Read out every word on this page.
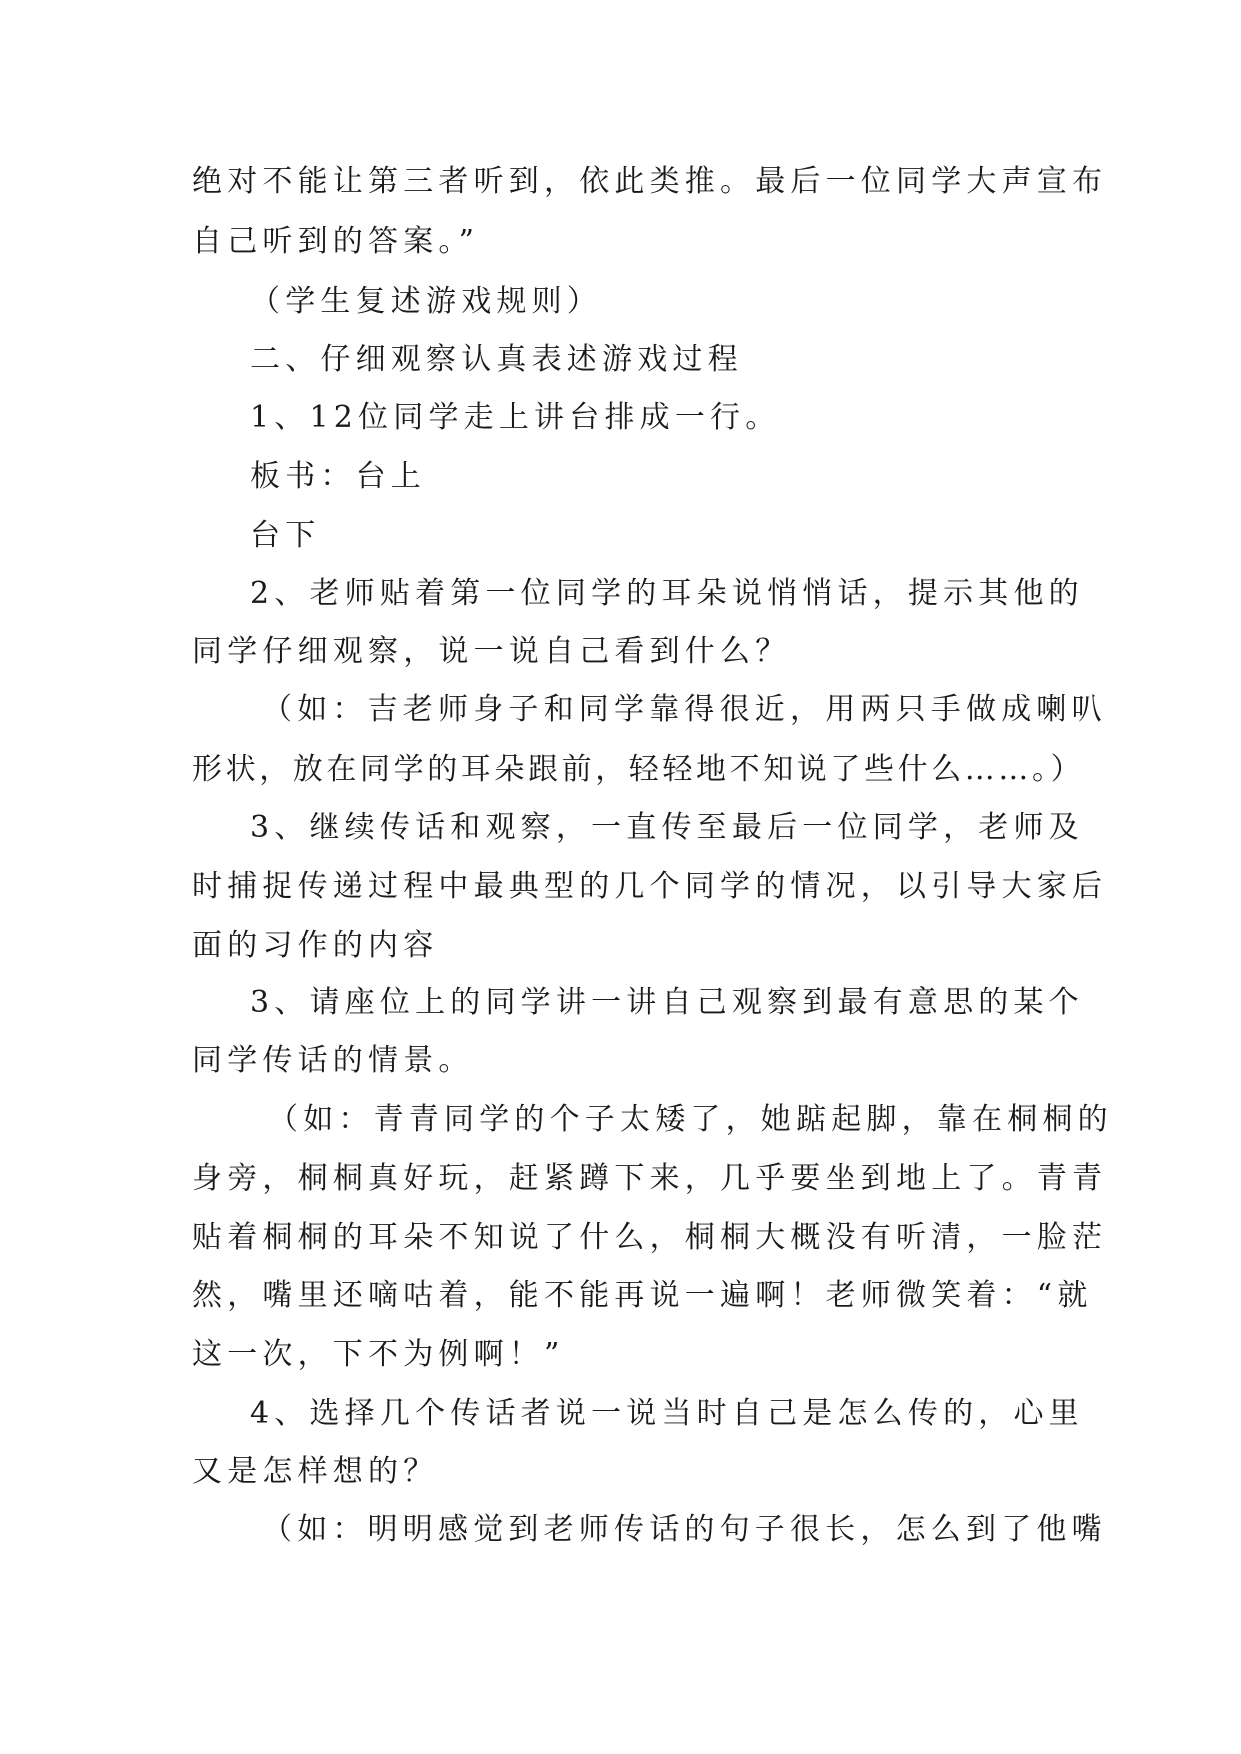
绝对不能让第三者听到，依此类推。最后一位同学大声宣布
自己听到的答案。”
（学生复述游戏规则）
二、仔细观察认真表述游戏过程
1、12位同学走上讲台排成一行。
板书：台上
台下
2、老师贴着第一位同学的耳朵说悄悄话，提示其他的
同学仔细观察，说一说自己看到什么？
（如：吉老师身子和同学靠得很近，用两只手做成喇叭
形状，放在同学的耳朵跟前，轻轻地不知说了些什么……。）
3、继续传话和观察，一直传至最后一位同学，老师及
时捕捉传递过程中最典型的几个同学的情况，以引导大家后
面的习作的内容
3、请座位上的同学讲一讲自己观察到最有意思的某个
同学传话的情景。
（如：青青同学的个子太矮了，她踮起脚，靠在桐桐的
身旁，桐桐真好玩，赶紧蹲下来，几乎要坐到地上了。青青
贴着桐桐的耳朵不知说了什么，桐桐大概没有听清，一脸茫
然，嘴里还嘀咕着，能不能再说一遍啊！老师微笑着：“就
这一次，下不为例啊！”
4、选择几个传话者说一说当时自己是怎么传的，心里
又是怎样想的？
（如：明明感觉到老师传话的句子很长，怎么到了他嘴
